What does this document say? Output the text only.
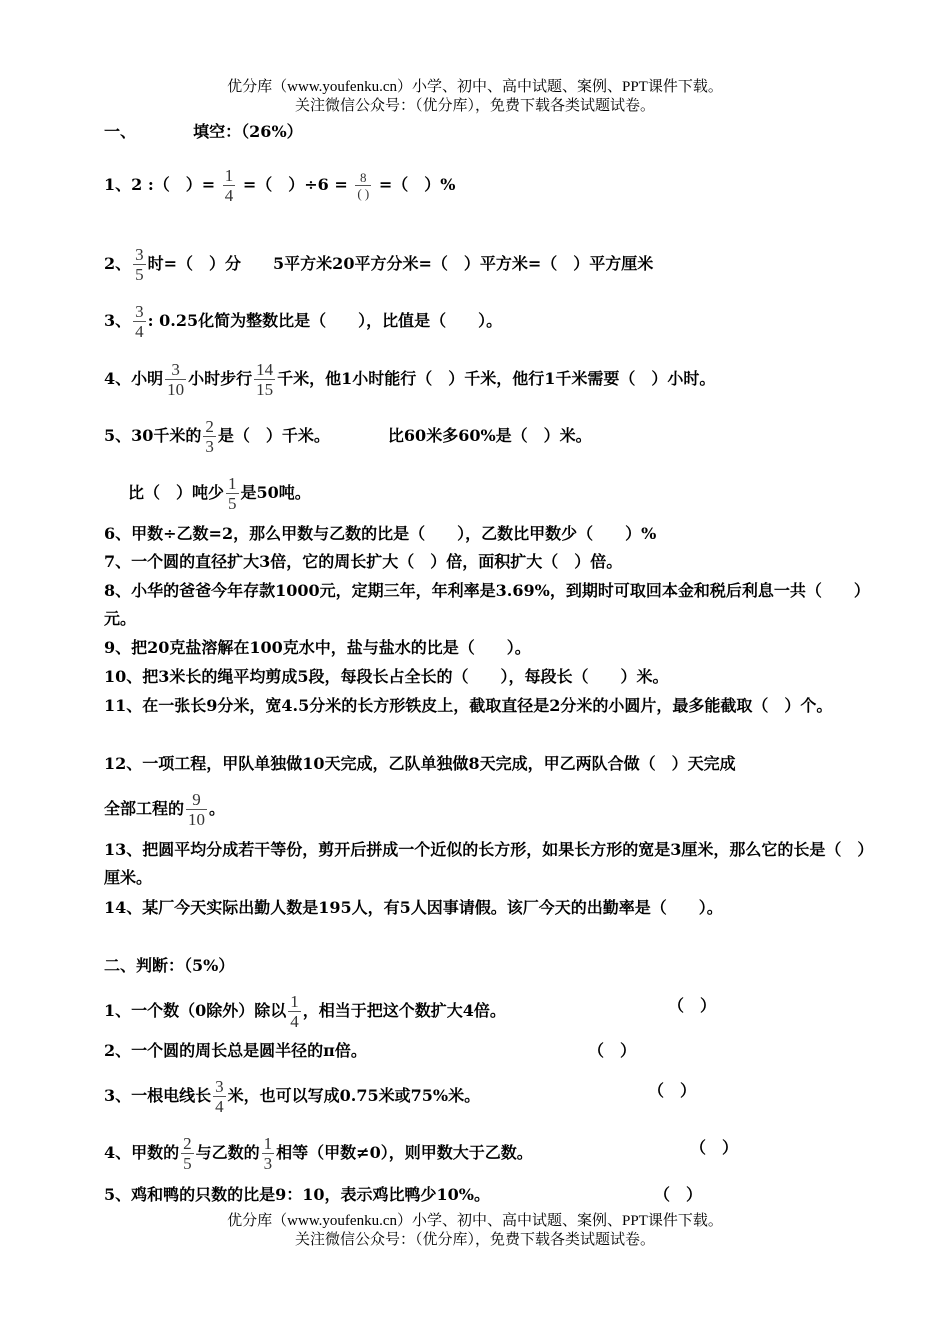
优分库（www.youfenku.cn）小学、初中、高中试题、案例、PPT课件下载。
关注微信公众号：（优分库），免费下载各类试题试卷。
一、	填空：（26%）
1、2 :（　）= $\frac{1}{4}$ =（　）$\div 6 = \frac{8}{( )}$ =（　）%
2、 $\frac{3}{5}$ 时=（　）分　　5平方米20平方分米=（　）平方米=（　）平方厘米
3、 $\frac{3}{4}$ : 0.25化简为整数比是（　　），比值是（　　）。
4、小明 $\frac{3}{10}$ 小时步行 $\frac{14}{15}$ 千米，他1小时能行（　）千米，他行1千米需要（　）小时。
5、30千米的 $\frac{2}{3}$ 是（　）千米。	比60米多60%是（　）米。
比（　）吨少 $\frac{1}{5}$ 是50吨。
6、甲数÷乙数=2，那么甲数与乙数的比是（　　），乙数比甲数少（　　）%
7、一个圆的直径扩大3倍，它的周长扩大（　）倍，面积扩大（　）倍。
8、小华的爸爸今年存款1000元，定期三年，年利率是3.69%，到期时可取回本金和税后利息一共（　　）元。
9、把20克盐溶解在100克水中，盐与盐水的比是（　　）。
10、把3米长的绳平均剪成5段，每段长占全长的（　　），每段长（　　）米。
11、在一张长9分米，宽4.5分米的长方形铁皮上，截取直径是2分米的小圆片，最多能截取（　）个。
12、一项工程，甲队单独做10天完成，乙队单独做8天完成，甲乙两队合做（　）天完成
全部工程的 $\frac{9}{10}$ 。
13、把圆平均分成若干等份，剪开后拼成一个近似的长方形，如果长方形的宽是3厘米，那么它的长是（　）厘米。
14、某厂今天实际出勤人数是195人，有5人因事请假。该厂今天的出勤率是（　　）。
二、判断：（5%）
1、一个数（0除外）除以 $\frac{1}{4}$ ，相当于把这个数扩大4倍。	（　）
2、一个圆的周长总是圆半径的π倍。	（　）
3、一根电线长 $\frac{3}{4}$ 米，也可以写成0.75米或75%米。	（　）
4、甲数的 $\frac{2}{5}$ 与乙数的 $\frac{1}{3}$ 相等（甲数≠0），则甲数大于乙数。	（　）
5、鸡和鸭的只数的比是9：10，表示鸡比鸭少10%。	（　）
优分库（www.youfenku.cn）小学、初中、高中试题、案例、PPT课件下载。
关注微信公众号：（优分库），免费下载各类试题试卷。
